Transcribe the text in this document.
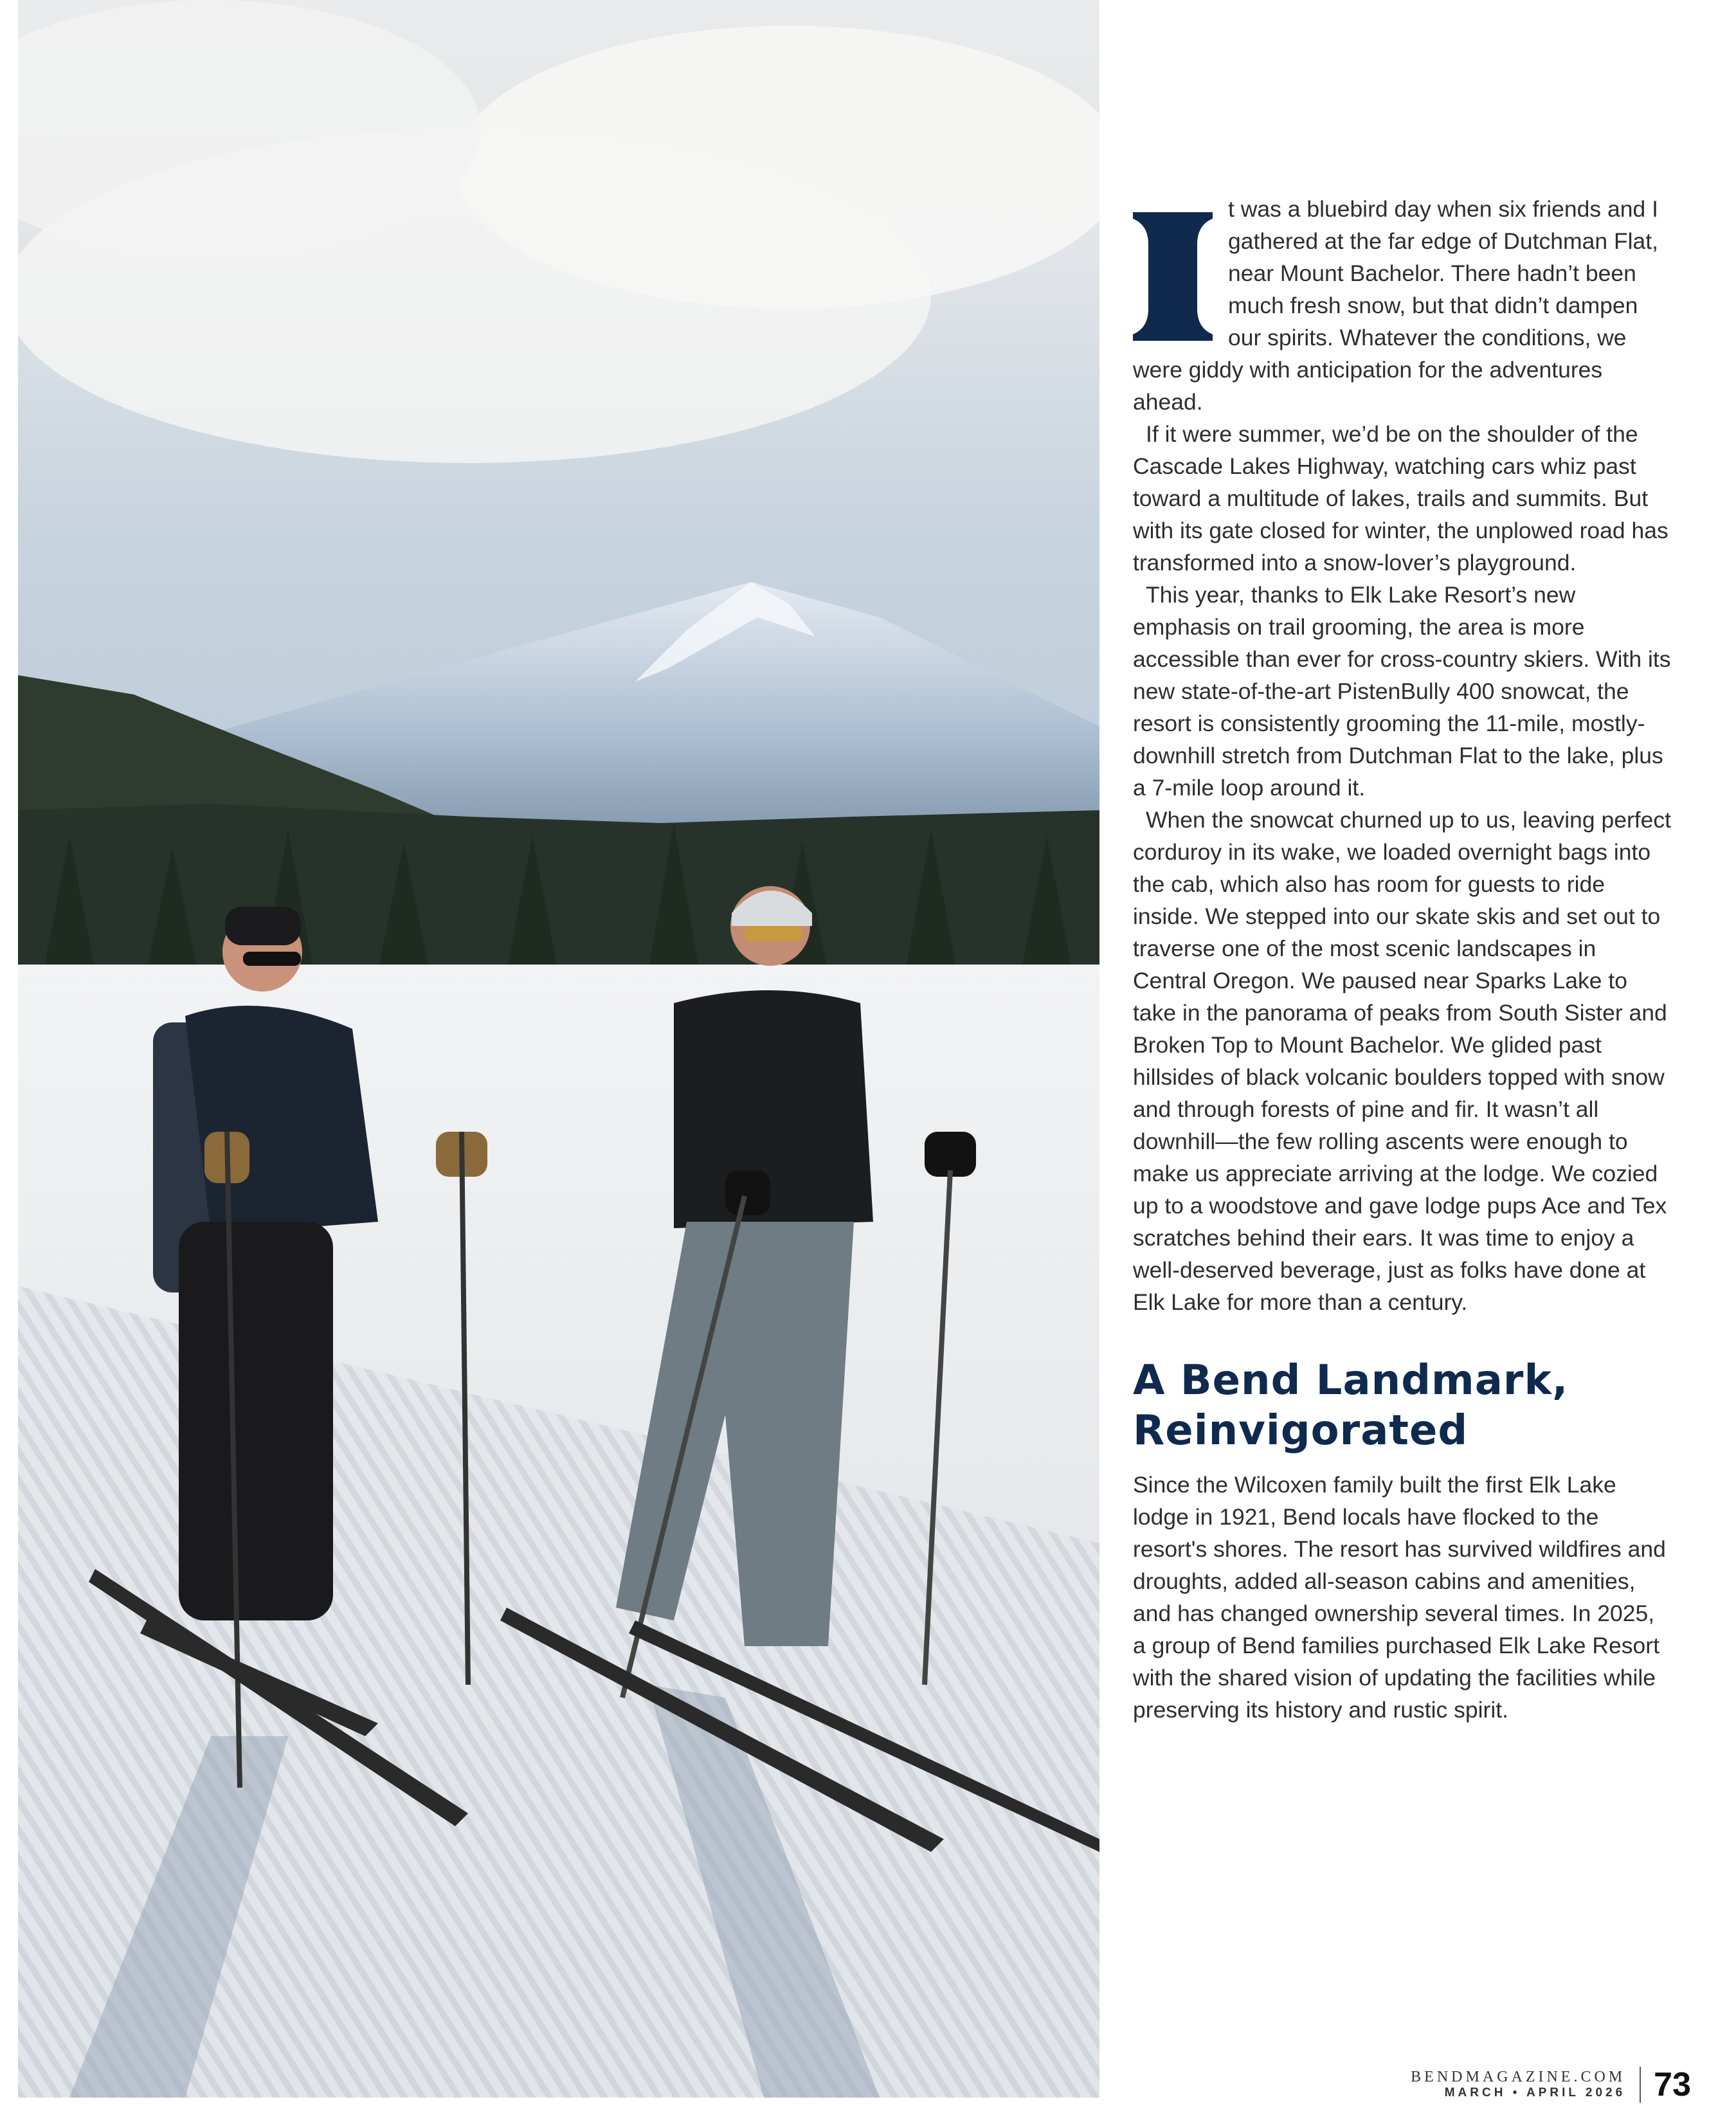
t was a bluebird day when six friends and I gathered at the far edge of Dutchman Flat, near Mount Bachelor. There hadn’t been much fresh snow, but that didn’t dampen our spirits. Whatever the conditions, we were giddy with anticipation for the adventures ahead.

If it were summer, we’d be on the shoulder of the Cascade Lakes Highway, watching cars whiz past toward a multitude of lakes, trails and summits. But with its gate closed for winter, the unplowed road has transformed into a snow-lover’s playground.

This year, thanks to Elk Lake Resort’s new emphasis on trail grooming, the area is more accessible than ever for cross-country skiers. With its new state-of-the-art PistenBully 400 snowcat, the resort is consistently grooming the 11-mile, mostly-downhill stretch from Dutchman Flat to the lake, plus a 7-mile loop around it.

When the snowcat churned up to us, leaving perfect corduroy in its wake, we loaded overnight bags into the cab, which also has room for guests to ride inside. We stepped into our skate skis and set out to traverse one of the most scenic landscapes in Central Oregon. We paused near Sparks Lake to take in the panorama of peaks from South Sister and Broken Top to Mount Bachelor. We glided past hillsides of black volcanic boulders topped with snow and through forests of pine and fir. It wasn’t all downhill—the few rolling ascents were enough to make us appreciate arriving at the lodge. We cozied up to a woodstove and gave lodge pups Ace and Tex scratches behind their ears. It was time to enjoy a well-deserved beverage, just as folks have done at Elk Lake for more than a century.

A Bend Landmark, Reinvigorated

Since the Wilcoxen family built the first Elk Lake lodge in 1921, Bend locals have flocked to the resort's shores. The resort has survived wildfires and droughts, added all-season cabins and amenities, and has changed ownership several times. In 2025, a group of Bend families purchased Elk Lake Resort with the shared vision of updating the facilities while preserving its history and rustic spirit.

BENDMAGAZINE.COM
MARCH • APRIL 2026 73
